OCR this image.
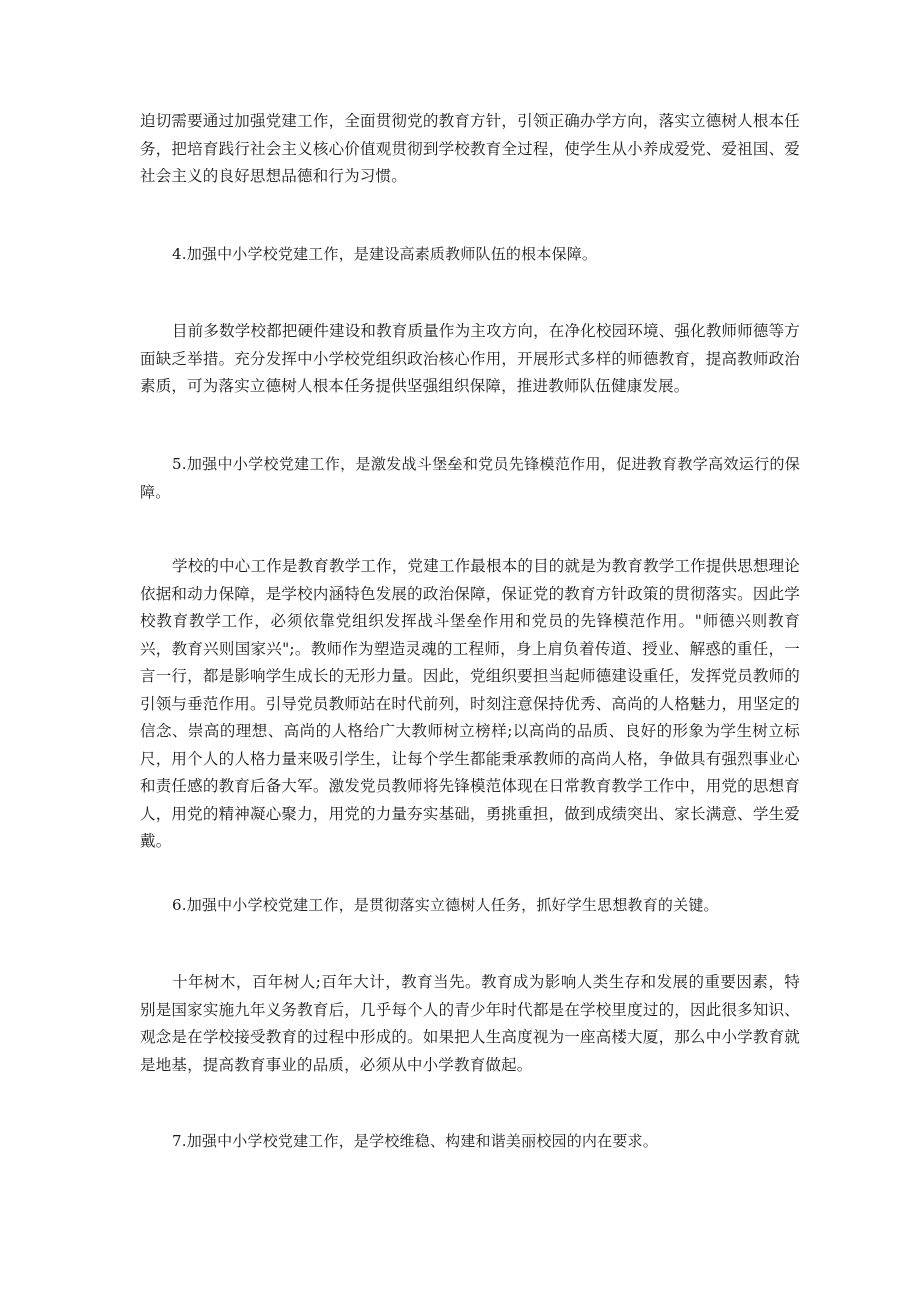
迫切需要通过加强党建工作，全面贯彻党的教育方针，引领正确办学方向，落实立德树人根本任务，把培育践行社会主义核心价值观贯彻到学校教育全过程，使学生从小养成爱党、爱祖国、爱社会主义的良好思想品德和行为习惯。

4.加强中小学校党建工作，是建设高素质教师队伍的根本保障。

目前多数学校都把硬件建设和教育质量作为主攻方向，在净化校园环境、强化教师师德等方面缺乏举措。充分发挥中小学校党组织政治核心作用，开展形式多样的师德教育，提高教师政治素质，可为落实立德树人根本任务提供坚强组织保障，推进教师队伍健康发展。

5.加强中小学校党建工作，是激发战斗堡垒和党员先锋模范作用，促进教育教学高效运行的保障。

学校的中心工作是教育教学工作，党建工作最根本的目的就是为教育教学工作提供思想理论依据和动力保障，是学校内涵特色发展的政治保障，保证党的教育方针政策的贯彻落实。因此学校教育教学工作，必须依靠党组织发挥战斗堡垒作用和党员的先锋模范作用。"师德兴则教育兴，教育兴则国家兴";。教师作为塑造灵魂的工程师，身上肩负着传道、授业、解惑的重任，一言一行，都是影响学生成长的无形力量。因此，党组织要担当起师德建设重任，发挥党员教师的引领与垂范作用。引导党员教师站在时代前列，时刻注意保持优秀、高尚的人格魅力，用坚定的信念、崇高的理想、高尚的人格给广大教师树立榜样;以高尚的品质、良好的形象为学生树立标尺，用个人的人格力量来吸引学生，让每个学生都能秉承教师的高尚人格，争做具有强烈事业心和责任感的教育后备大军。激发党员教师将先锋模范体现在日常教育教学工作中，用党的思想育人，用党的精神凝心聚力，用党的力量夯实基础，勇挑重担，做到成绩突出、家长满意、学生爱戴。

6.加强中小学校党建工作，是贯彻落实立德树人任务，抓好学生思想教育的关键。

十年树木，百年树人;百年大计，教育当先。教育成为影响人类生存和发展的重要因素，特别是国家实施九年义务教育后，几乎每个人的青少年时代都是在学校里度过的，因此很多知识、观念是在学校接受教育的过程中形成的。如果把人生高度视为一座高楼大厦，那么中小学教育就是地基，提高教育事业的品质，必须从中小学教育做起。

7.加强中小学校党建工作，是学校维稳、构建和谐美丽校园的内在要求。
